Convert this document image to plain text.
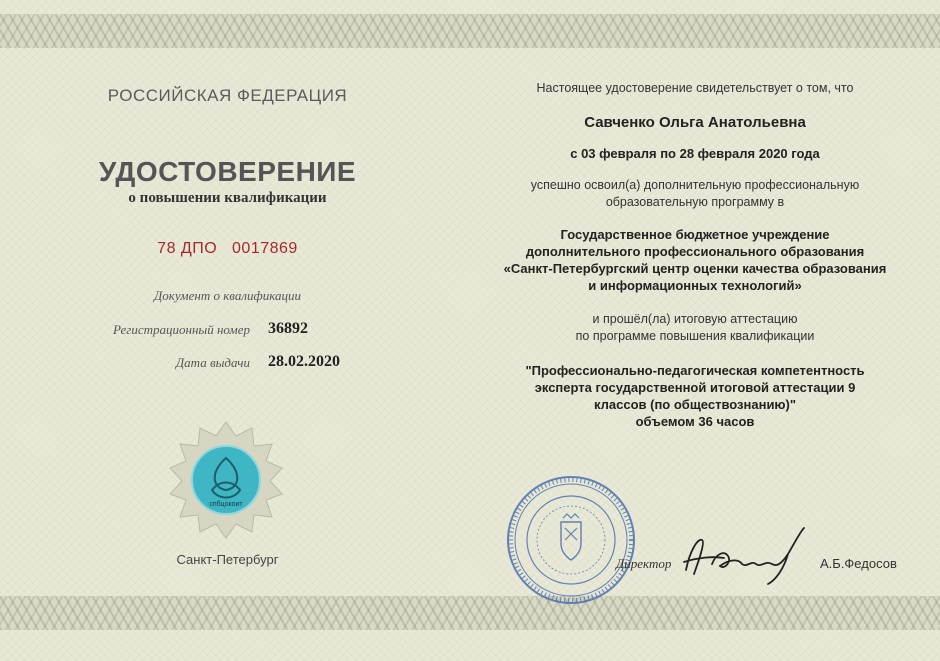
РОССИЙСКАЯ ФЕДЕРАЦИЯ
УДОСТОВЕРЕНИЕ
о повышении квалификации
78 ДПО   0017869
Документ о квалификации
Регистрационный номер 36892
Дата выдачи 28.02.2020
спбцокоит
Санкт-Петербург
Настоящее удостоверение свидетельствует о том, что
Савченко Ольга Анатольевна
с 03 февраля по 28 февраля 2020 года
успешно освоил(а) дополнительную профессиональную
образовательную программу в
Государственное бюджетное учреждение
дополнительного профессионального образования
«Санкт-Петербургский центр оценки качества образования
и информационных технологий»
и прошёл(ла) итоговую аттестацию
по программе повышения квалификации
"Профессионально-педагогическая компетентность
эксперта государственной итоговой аттестации 9
классов (по обществознанию)"
объемом 36 часов
Директор	А.Б.Федосов
